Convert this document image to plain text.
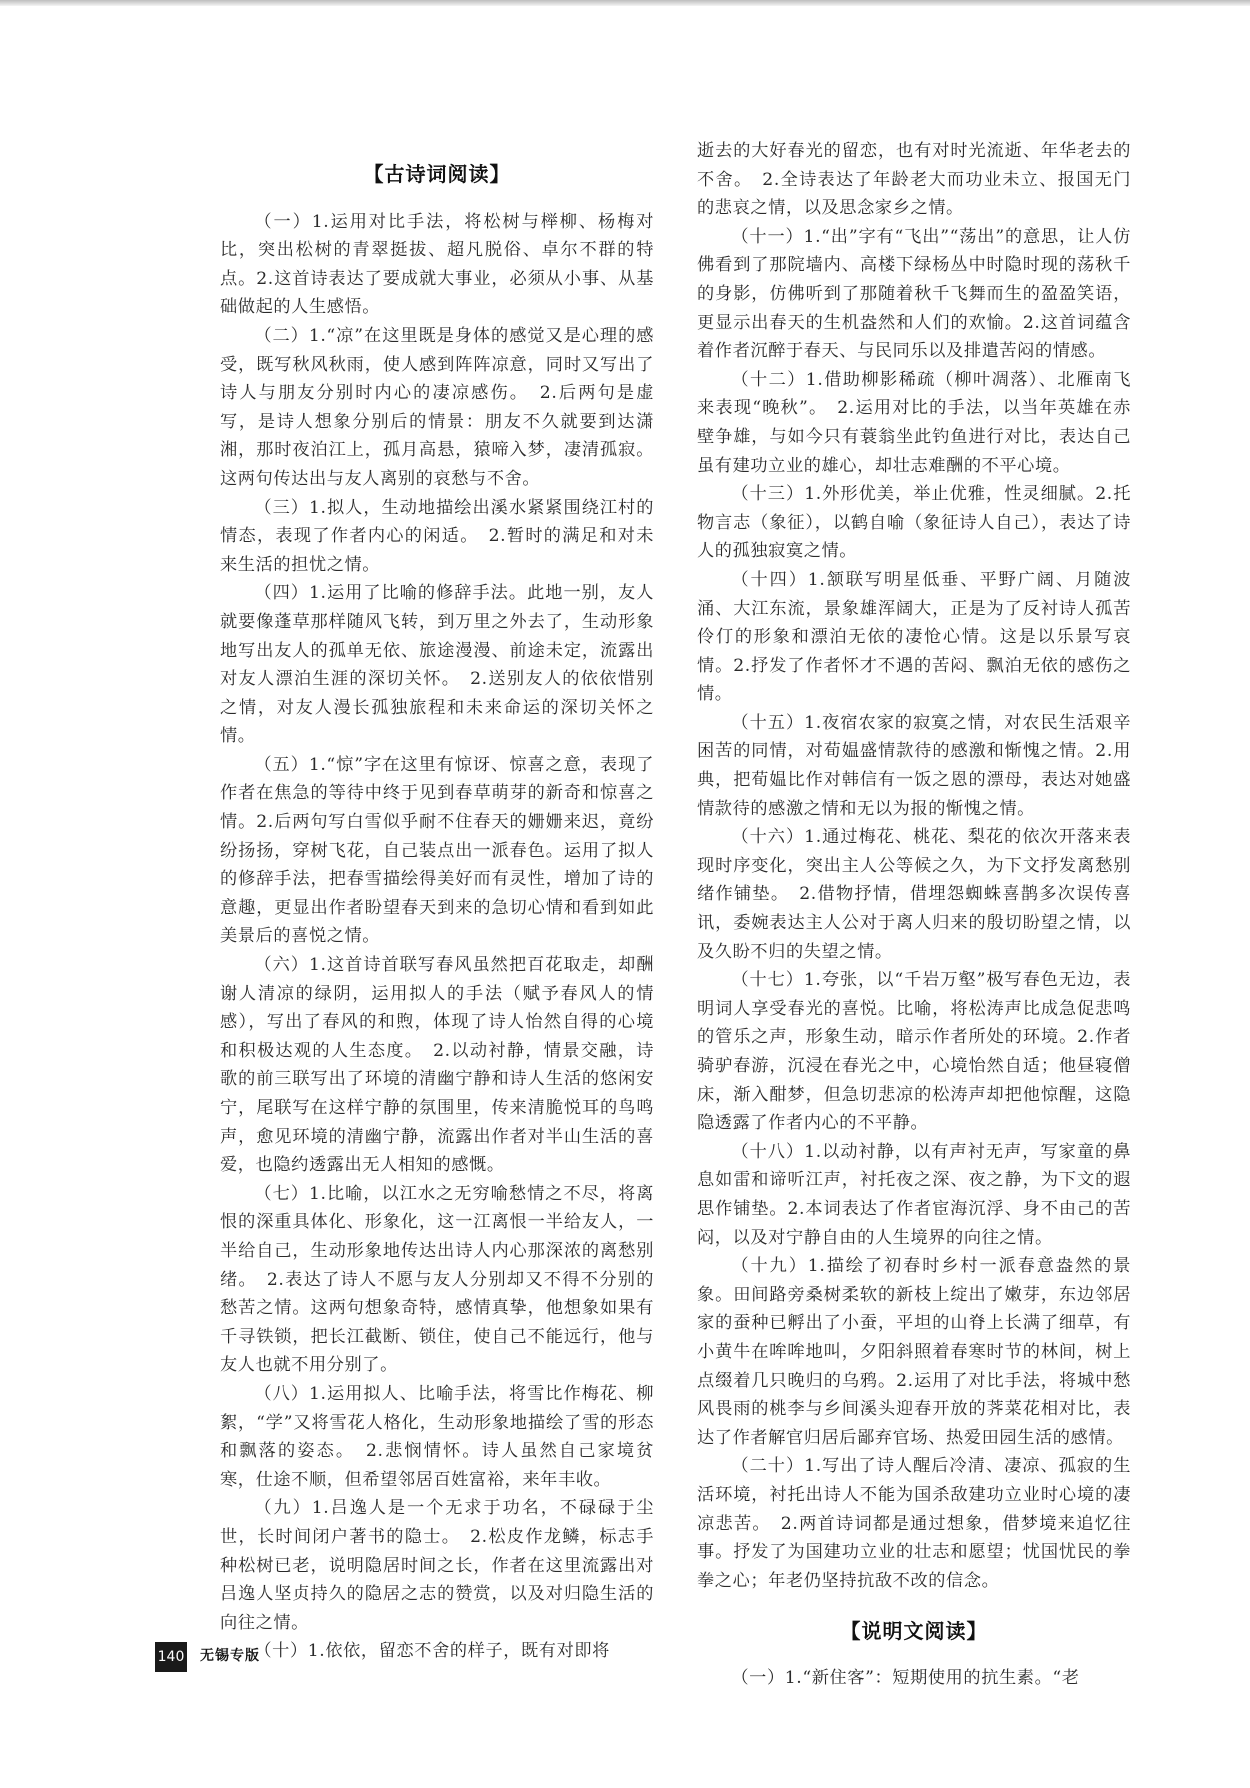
【古诗词阅读】

（一）1.运用对比手法，将松树与榉柳、杨梅对比，突出松树的青翠挺拔、超凡脱俗、卓尔不群的特点。2.这首诗表达了要成就大事业，必须从小事、从基础做起的人生感悟。

（二）1.“凉”在这里既是身体的感觉又是心理的感受，既写秋风秋雨，使人感到阵阵凉意，同时又写出了诗人与朋友分别时内心的凄凉感伤。　2.后两句是虚写，是诗人想象分别后的情景：朋友不久就要到达潇湘，那时夜泊江上，孤月高悬，猿啼入梦，凄清孤寂。这两句传达出与友人离别的哀愁与不舍。

（三）1.拟人，生动地描绘出溪水紧紧围绕江村的情态，表现了作者内心的闲适。　2.暂时的满足和对未来生活的担忧之情。

（四）1.运用了比喻的修辞手法。此地一别，友人就要像蓬草那样随风飞转，到万里之外去了，生动形象地写出友人的孤单无依、旅途漫漫、前途未定，流露出对友人漂泊生涯的深切关怀。　2.送别友人的依依惜别之情，对友人漫长孤独旅程和未来命运的深切关怀之情。

（五）1.“惊”字在这里有惊讶、惊喜之意，表现了作者在焦急的等待中终于见到春草萌芽的新奇和惊喜之情。2.后两句写白雪似乎耐不住春天的姗姗来迟，竟纷纷扬扬，穿树飞花，自己装点出一派春色。运用了拟人的修辞手法，把春雪描绘得美好而有灵性，增加了诗的意趣，更显出作者盼望春天到来的急切心情和看到如此美景后的喜悦之情。

（六）1.这首诗首联写春风虽然把百花取走，却酬谢人清凉的绿阴，运用拟人的手法（赋予春风人的情感），写出了春风的和煦，体现了诗人怡然自得的心境和积极达观的人生态度。　2.以动衬静，情景交融，诗歌的前三联写出了环境的清幽宁静和诗人生活的悠闲安宁，尾联写在这样宁静的氛围里，传来清脆悦耳的鸟鸣声，愈见环境的清幽宁静，流露出作者对半山生活的喜爱，也隐约透露出无人相知的感慨。

（七）1.比喻，以江水之无穷喻愁情之不尽，将离恨的深重具体化、形象化，这一江离恨一半给友人，一半给自己，生动形象地传达出诗人内心那深浓的离愁别绪。　2.表达了诗人不愿与友人分别却又不得不分别的愁苦之情。这两句想象奇特，感情真挚，他想象如果有千寻铁锁，把长江截断、锁住，使自己不能远行，他与友人也就不用分别了。

（八）1.运用拟人、比喻手法，将雪比作梅花、柳絮，“学”又将雪花人格化，生动形象地描绘了雪的形态和飘落的姿态。　2.悲悯情怀。诗人虽然自己家境贫寒，仕途不顺，但希望邻居百姓富裕，来年丰收。

（九）1.吕逸人是一个无求于功名，不碌碌于尘世，长时间闭户著书的隐士。　2.松皮作龙鳞，标志手种松树已老，说明隐居时间之长，作者在这里流露出对吕逸人坚贞持久的隐居之志的赞赏，以及对归隐生活的向往之情。

（十）1.依依，留恋不舍的样子，既有对即将

逝去的大好春光的留恋，也有对时光流逝、年华老去的不舍。　2.全诗表达了年龄老大而功业未立、报国无门的悲哀之情，以及思念家乡之情。

（十一）1.“出”字有“飞出”“荡出”的意思，让人仿佛看到了那院墙内、高楼下绿杨丛中时隐时现的荡秋千的身影，仿佛听到了那随着秋千飞舞而生的盈盈笑语，更显示出春天的生机盎然和人们的欢愉。2.这首词蕴含着作者沉醉于春天、与民同乐以及排遣苦闷的情感。

（十二）1.借助柳影稀疏（柳叶凋落）、北雁南飞来表现“晚秋”。　2.运用对比的手法，以当年英雄在赤壁争雄，与如今只有蓑翁坐此钓鱼进行对比，表达自己虽有建功立业的雄心，却壮志难酬的不平心境。

（十三）1.外形优美，举止优雅，性灵细腻。2.托物言志（象征），以鹤自喻（象征诗人自己），表达了诗人的孤独寂寞之情。

（十四）1.颔联写明星低垂、平野广阔、月随波涌、大江东流，景象雄浑阔大，正是为了反衬诗人孤苦伶仃的形象和漂泊无依的凄怆心情。这是以乐景写哀情。2.抒发了作者怀才不遇的苦闷、飘泊无依的感伤之情。

（十五）1.夜宿农家的寂寞之情，对农民生活艰辛困苦的同情，对荀媪盛情款待的感激和惭愧之情。2.用典，把荀媪比作对韩信有一饭之恩的漂母，表达对她盛情款待的感激之情和无以为报的惭愧之情。

（十六）1.通过梅花、桃花、梨花的依次开落来表现时序变化，突出主人公等候之久，为下文抒发离愁别绪作铺垫。　2.借物抒情，借埋怨蜘蛛喜鹊多次误传喜讯，委婉表达主人公对于离人归来的殷切盼望之情，以及久盼不归的失望之情。

（十七）1.夸张，以“千岩万壑”极写春色无边，表明词人享受春光的喜悦。比喻，将松涛声比成急促悲鸣的管乐之声，形象生动，暗示作者所处的环境。2.作者骑驴春游，沉浸在春光之中，心境怡然自适；他昼寝僧床，渐入酣梦，但急切悲凉的松涛声却把他惊醒，这隐隐透露了作者内心的不平静。

（十八）1.以动衬静，以有声衬无声，写家童的鼻息如雷和谛听江声，衬托夜之深、夜之静，为下文的遐思作铺垫。2.本词表达了作者宦海沉浮、身不由己的苦闷，以及对宁静自由的人生境界的向往之情。

（十九）1.描绘了初春时乡村一派春意盎然的景象。田间路旁桑树柔软的新枝上绽出了嫩芽，东边邻居家的蚕种已孵出了小蚕，平坦的山脊上长满了细草，有小黄牛在哞哞地叫，夕阳斜照着春寒时节的林间，树上点缀着几只晚归的乌鸦。2.运用了对比手法，将城中愁风畏雨的桃李与乡间溪头迎春开放的荠菜花相对比，表达了作者解官归居后鄙弃官场、热爱田园生活的感情。

（二十）1.写出了诗人醒后冷清、凄凉、孤寂的生活环境，衬托出诗人不能为国杀敌建功立业时心境的凄凉悲苦。　2.两首诗词都是通过想象，借梦境来追忆往事。抒发了为国建功立业的壮志和愿望；忧国忧民的拳拳之心；年老仍坚持抗敌不改的信念。

【说明文阅读】

（一）1.“新住客”：短期使用的抗生素。“老

140 无锡专版
